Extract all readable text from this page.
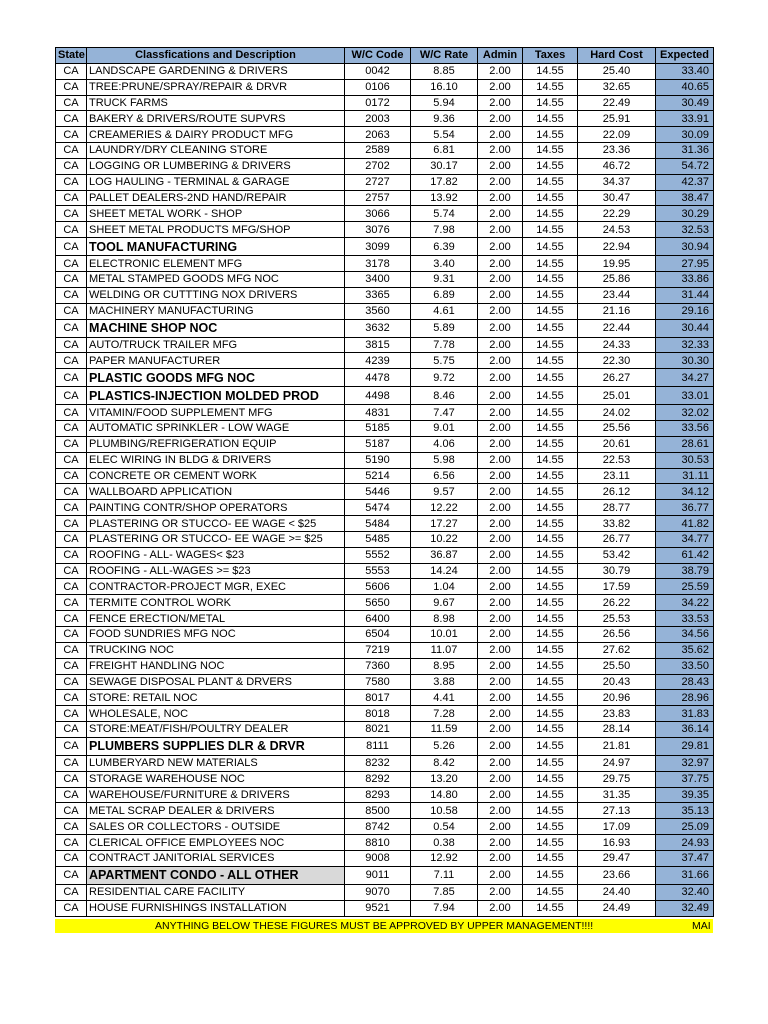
State	Classfications and Description	W/C Code	W/C Rate	Admin	Taxes	Hard Cost	Expected
CA	LANDSCAPE GARDENING & DRIVERS	0042	8.85	2.00	14.55	25.40	33.40
CA	TREE:PRUNE/SPRAY/REPAIR & DRVR	0106	16.10	2.00	14.55	32.65	40.65
CA	TRUCK FARMS	0172	5.94	2.00	14.55	22.49	30.49
CA	BAKERY & DRIVERS/ROUTE SUPVRS	2003	9.36	2.00	14.55	25.91	33.91
CA	CREAMERIES & DAIRY PRODUCT MFG	2063	5.54	2.00	14.55	22.09	30.09
CA	LAUNDRY/DRY CLEANING STORE	2589	6.81	2.00	14.55	23.36	31.36
CA	LOGGING OR LUMBERING & DRIVERS	2702	30.17	2.00	14.55	46.72	54.72
CA	LOG HAULING - TERMINAL & GARAGE	2727	17.82	2.00	14.55	34.37	42.37
CA	PALLET DEALERS-2ND HAND/REPAIR	2757	13.92	2.00	14.55	30.47	38.47
CA	SHEET METAL WORK - SHOP	3066	5.74	2.00	14.55	22.29	30.29
CA	SHEET METAL PRODUCTS MFG/SHOP	3076	7.98	2.00	14.55	24.53	32.53
CA	TOOL MANUFACTURING	3099	6.39	2.00	14.55	22.94	30.94
CA	ELECTRONIC ELEMENT MFG	3178	3.40	2.00	14.55	19.95	27.95
CA	METAL STAMPED GOODS MFG NOC	3400	9.31	2.00	14.55	25.86	33.86
CA	WELDING OR CUTTTING NOX DRIVERS	3365	6.89	2.00	14.55	23.44	31.44
CA	MACHINERY MANUFACTURING	3560	4.61	2.00	14.55	21.16	29.16
CA	MACHINE SHOP NOC	3632	5.89	2.00	14.55	22.44	30.44
CA	AUTO/TRUCK TRAILER MFG	3815	7.78	2.00	14.55	24.33	32.33
CA	PAPER MANUFACTURER	4239	5.75	2.00	14.55	22.30	30.30
CA	PLASTIC GOODS MFG NOC	4478	9.72	2.00	14.55	26.27	34.27
CA	PLASTICS-INJECTION MOLDED PROD	4498	8.46	2.00	14.55	25.01	33.01
CA	VITAMIN/FOOD SUPPLEMENT MFG	4831	7.47	2.00	14.55	24.02	32.02
CA	AUTOMATIC SPRINKLER - LOW WAGE	5185	9.01	2.00	14.55	25.56	33.56
CA	PLUMBING/REFRIGERATION EQUIP	5187	4.06	2.00	14.55	20.61	28.61
CA	ELEC WIRING IN BLDG & DRIVERS	5190	5.98	2.00	14.55	22.53	30.53
CA	CONCRETE OR CEMENT WORK	5214	6.56	2.00	14.55	23.11	31.11
CA	WALLBOARD APPLICATION	5446	9.57	2.00	14.55	26.12	34.12
CA	PAINTING CONTR/SHOP OPERATORS	5474	12.22	2.00	14.55	28.77	36.77
CA	PLASTERING OR STUCCO- EE WAGE < $25	5484	17.27	2.00	14.55	33.82	41.82
CA	PLASTERING OR STUCCO- EE WAGE >= $25	5485	10.22	2.00	14.55	26.77	34.77
CA	ROOFING - ALL- WAGES< $23	5552	36.87	2.00	14.55	53.42	61.42
CA	ROOFING - ALL-WAGES >= $23	5553	14.24	2.00	14.55	30.79	38.79
CA	CONTRACTOR-PROJECT MGR, EXEC	5606	1.04	2.00	14.55	17.59	25.59
CA	TERMITE CONTROL WORK	5650	9.67	2.00	14.55	26.22	34.22
CA	FENCE ERECTION/METAL	6400	8.98	2.00	14.55	25.53	33.53
CA	FOOD SUNDRIES MFG NOC	6504	10.01	2.00	14.55	26.56	34.56
CA	TRUCKING NOC	7219	11.07	2.00	14.55	27.62	35.62
CA	FREIGHT HANDLING NOC	7360	8.95	2.00	14.55	25.50	33.50
CA	SEWAGE DISPOSAL PLANT & DRVERS	7580	3.88	2.00	14.55	20.43	28.43
CA	STORE: RETAIL NOC	8017	4.41	2.00	14.55	20.96	28.96
CA	WHOLESALE, NOC	8018	7.28	2.00	14.55	23.83	31.83
CA	STORE:MEAT/FISH/POULTRY DEALER	8021	11.59	2.00	14.55	28.14	36.14
CA	PLUMBERS SUPPLIES DLR & DRVR	8111	5.26	2.00	14.55	21.81	29.81
CA	LUMBERYARD NEW MATERIALS	8232	8.42	2.00	14.55	24.97	32.97
CA	STORAGE WAREHOUSE NOC	8292	13.20	2.00	14.55	29.75	37.75
CA	WAREHOUSE/FURNITURE & DRIVERS	8293	14.80	2.00	14.55	31.35	39.35
CA	METAL SCRAP DEALER & DRIVERS	8500	10.58	2.00	14.55	27.13	35.13
CA	SALES OR COLLECTORS - OUTSIDE	8742	0.54	2.00	14.55	17.09	25.09
CA	CLERICAL OFFICE EMPLOYEES NOC	8810	0.38	2.00	14.55	16.93	24.93
CA	CONTRACT JANITORIAL SERVICES	9008	12.92	2.00	14.55	29.47	37.47
CA	APARTMENT CONDO - ALL OTHER	9011	7.11	2.00	14.55	23.66	31.66
CA	RESIDENTIAL CARE FACILITY	9070	7.85	2.00	14.55	24.40	32.40
CA	HOUSE FURNISHINGS INSTALLATION	9521	7.94	2.00	14.55	24.49	32.49
ANYTHING BELOW THESE FIGURES MUST BE APPROVED BY UPPER MANAGEMENT!!!!	MAI
